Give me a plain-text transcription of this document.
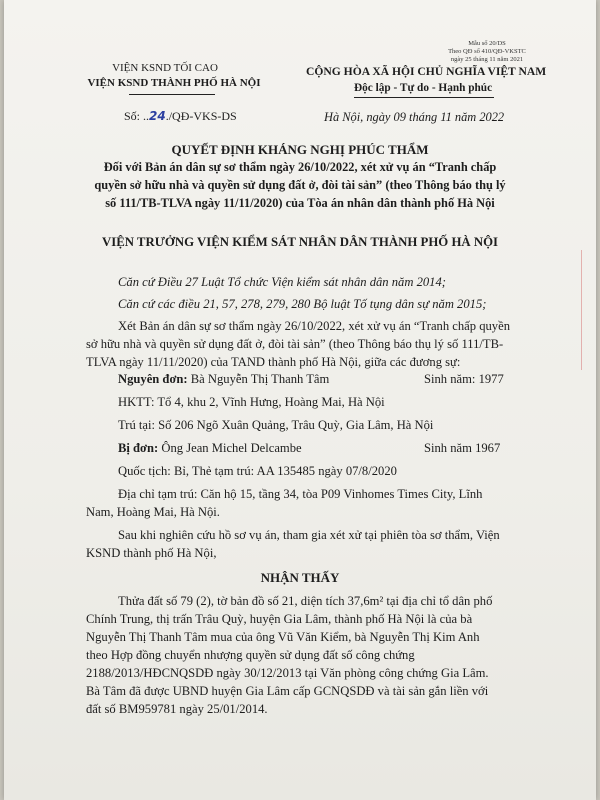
Mẫu số 20/DS
Theo QĐ số 410/QĐ-VKSTC
ngày 25 tháng 11 năm 2021
VIỆN KSND TỐI CAO
VIỆN KSND THÀNH PHỐ HÀ NỘI
Số: ..24./QĐ-VKS-DS
CỘNG HÒA XÃ HỘI CHỦ NGHĨA VIỆT NAM
Độc lập - Tự do - Hạnh phúc
Hà Nội, ngày 09 tháng 11 năm 2022
QUYẾT ĐỊNH KHÁNG NGHỊ PHÚC THẨM
Đối với Bản án dân sự sơ thẩm ngày 26/10/2022, xét xử vụ án “Tranh chấp
quyền sở hữu nhà và quyền sử dụng đất ở, đòi tài sản” (theo Thông báo thụ lý
số 111/TB-TLVA ngày 11/11/2020) của Tòa án nhân dân thành phố Hà Nội
VIỆN TRƯỞNG VIỆN KIỂM SÁT NHÂN DÂN THÀNH PHỐ HÀ NỘI
Căn cứ Điều 27 Luật Tổ chức Viện kiểm sát nhân dân năm 2014;
Căn cứ các điều 21, 57, 278, 279, 280 Bộ luật Tố tụng dân sự năm 2015;
Xét Bản án dân sự sơ thẩm ngày 26/10/2022, xét xử vụ án “Tranh chấp quyền
sở hữu nhà và quyền sử dụng đất ở, đòi tài sản” (theo Thông báo thụ lý số 111/TB-
TLVA ngày 11/11/2020) của TAND thành phố Hà Nội, giữa các đương sự:
Nguyên đơn: Bà Nguyễn Thị Thanh Tâm	Sinh năm: 1977
HKTT: Tổ 4, khu 2, Vĩnh Hưng, Hoàng Mai, Hà Nội
Trú tại: Số 206 Ngõ Xuân Quảng, Trâu Quỳ, Gia Lâm, Hà Nội
Bị đơn: Ông Jean Michel Delcambe	Sinh năm 1967
Quốc tịch: Bỉ, Thẻ tạm trú: AA 135485 ngày 07/8/2020
Địa chỉ tạm trú: Căn hộ 15, tầng 34, tòa P09 Vinhomes Times City, Lĩnh
Nam, Hoàng Mai, Hà Nội.
Sau khi nghiên cứu hồ sơ vụ án, tham gia xét xử tại phiên tòa sơ thẩm, Viện
KSND thành phố Hà Nội,
NHẬN THẤY
Thửa đất số 79 (2), tờ bản đồ số 21, diện tích 37,6m² tại địa chỉ tổ dân phố
Chính Trung, thị trấn Trâu Quỳ, huyện Gia Lâm, thành phố Hà Nội là của bà
Nguyễn Thị Thanh Tâm mua của ông Vũ Văn Kiểm, bà Nguyễn Thị Kim Anh
theo Hợp đồng chuyển nhượng quyền sử dụng đất số công chứng
2188/2013/HĐCNQSDĐ ngày 30/12/2013 tại Văn phòng công chứng Gia Lâm.
Bà Tâm đã được UBND huyện Gia Lâm cấp GCNQSDĐ và tài sản gắn liền với
đất số BM959781 ngày 25/01/2014.
